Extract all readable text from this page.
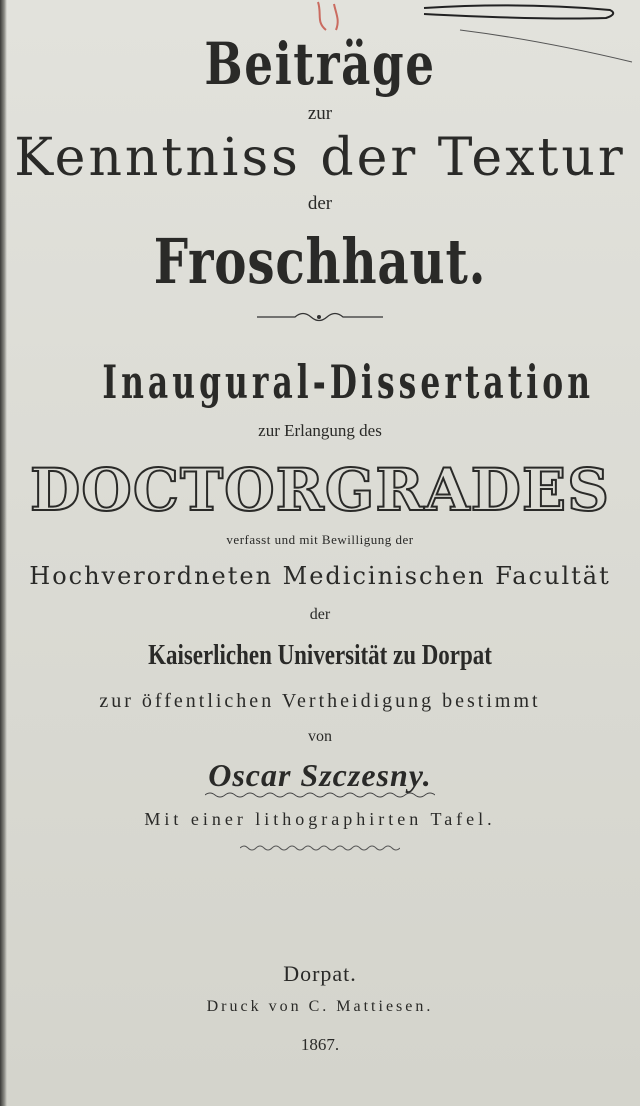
Beiträge
zur
Kenntniss der Textur
der
Froschhaut.
Inaugural-Dissertation
zur Erlangung des
DOCTORGRADES
verfasst und mit Bewilligung der
Hochverordneten Medicinischen Facultät
der
Kaiserlichen Universität zu Dorpat
zur öffentlichen Vertheidigung bestimmt
von
Oscar Szczesny.
Mit einer lithographirten Tafel.
Dorpat.
Druck von C. Mattiesen.
1867.
